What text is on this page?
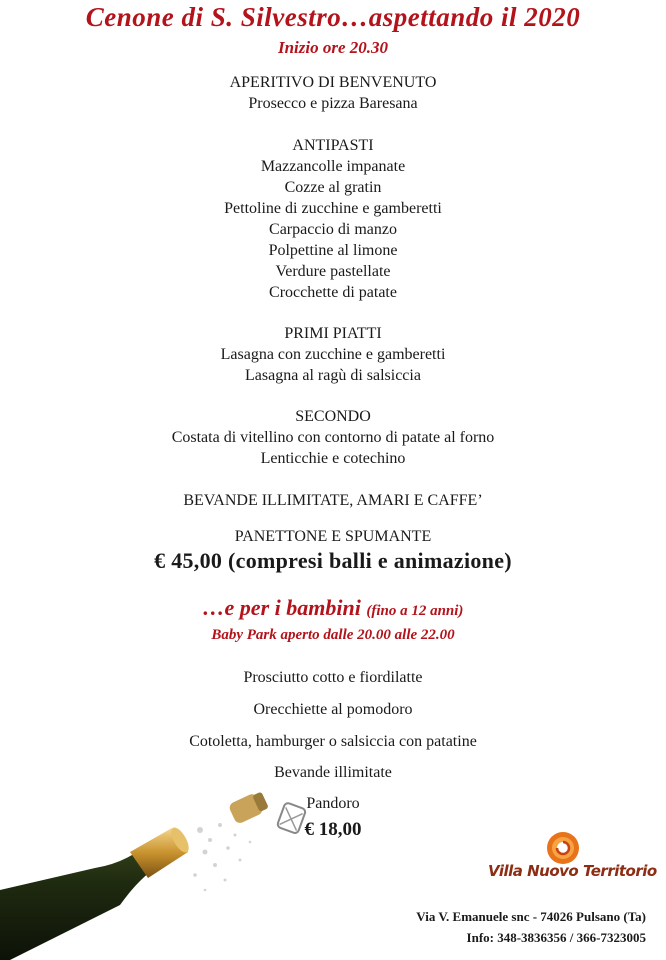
Cenone di S. Silvestro…aspettando il 2020
Inizio ore 20.30
APERITIVO DI BENVENUTO
Prosecco e pizza Baresana
ANTIPASTI
Mazzancolle impanate
Cozze al gratin
Pettoline di zucchine e gamberetti
Carpaccio di manzo
Polpettine al limone
Verdure pastellate
Crocchette di patate
PRIMI PIATTI
Lasagna con zucchine e gamberetti
Lasagna al ragù di salsiccia
SECONDO
Costata di vitellino con contorno di patate al forno
Lenticchie e cotechino
BEVANDE ILLIMITATE, AMARI E CAFFE’
PANETTONE E SPUMANTE
€ 45,00 (compresi balli e animazione)
…e per i bambini (fino a 12 anni)
Baby Park aperto dalle 20.00 alle 22.00
Prosciutto cotto e fiordilatte
Orecchiette al pomodoro
Cotoletta, hamburger o salsiccia con patatine
Bevande illimitate
Pandoro
€ 18,00
Villa Nuovo Territorio
Via V. Emanuele snc - 74026 Pulsano (Ta)
Info: 348-3836356 / 366-7323005
